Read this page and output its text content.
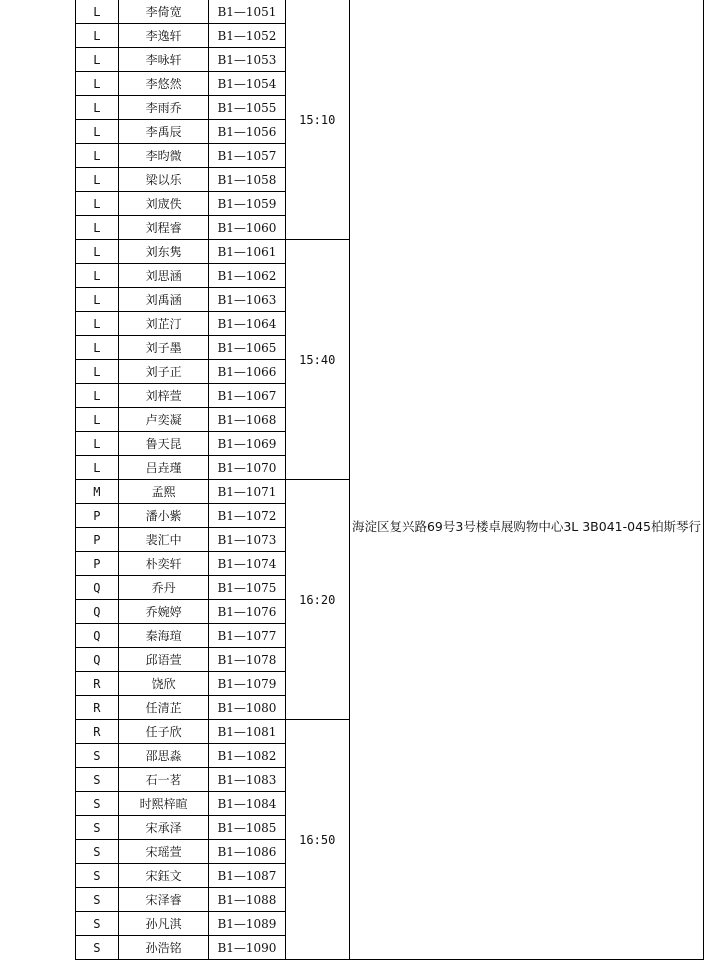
L	李倚宽	B1—1051	15:10	海淀区复兴路69号3号楼卓展购物中心3L 3B041-045柏斯琴行

L	李逸轩	B1—1052		
L	李咏轩	B1—1053		
L	李悠然	B1—1054		
L	李雨乔	B1—1055		
L	李禹辰	B1—1056		
L	李昀微	B1—1057		
L	梁以乐	B1—1058		
L	刘宬佚	B1—1059		
L	刘程睿	B1—1060		
L	刘东隽	B1—1061	15:40	
L	刘思涵	B1—1062		
L	刘禹涵	B1—1063		
L	刘芷汀	B1—1064		
L	刘子墨	B1—1065		
L	刘子正	B1—1066		
L	刘梓萱	B1—1067		
L	卢奕凝	B1—1068		
L	鲁天昆	B1—1069		
L	吕垚瑾	B1—1070		
M	孟熙	B1—1071	16:20	
P	潘小紫	B1—1072		
P	裴汇中	B1—1073		
P	朴奕轩	B1—1074		
Q	乔丹	B1—1075		
Q	乔婉婷	B1—1076		
Q	秦海瑄	B1—1077		
Q	邱语萱	B1—1078		
R	饶欣	B1—1079		
R	任清芷	B1—1080		
R	任子欣	B1—1081	16:50	
S	邵思淼	B1—1082		
S	石一茗	B1—1083		
S	时熙梓暄	B1—1084		
S	宋承泽	B1—1085		
S	宋瑶萱	B1—1086		
S	宋鈺文	B1—1087		
S	宋泽睿	B1—1088		
S	孙凡淇	B1—1089		
S	孙浩铭	B1—1090		
